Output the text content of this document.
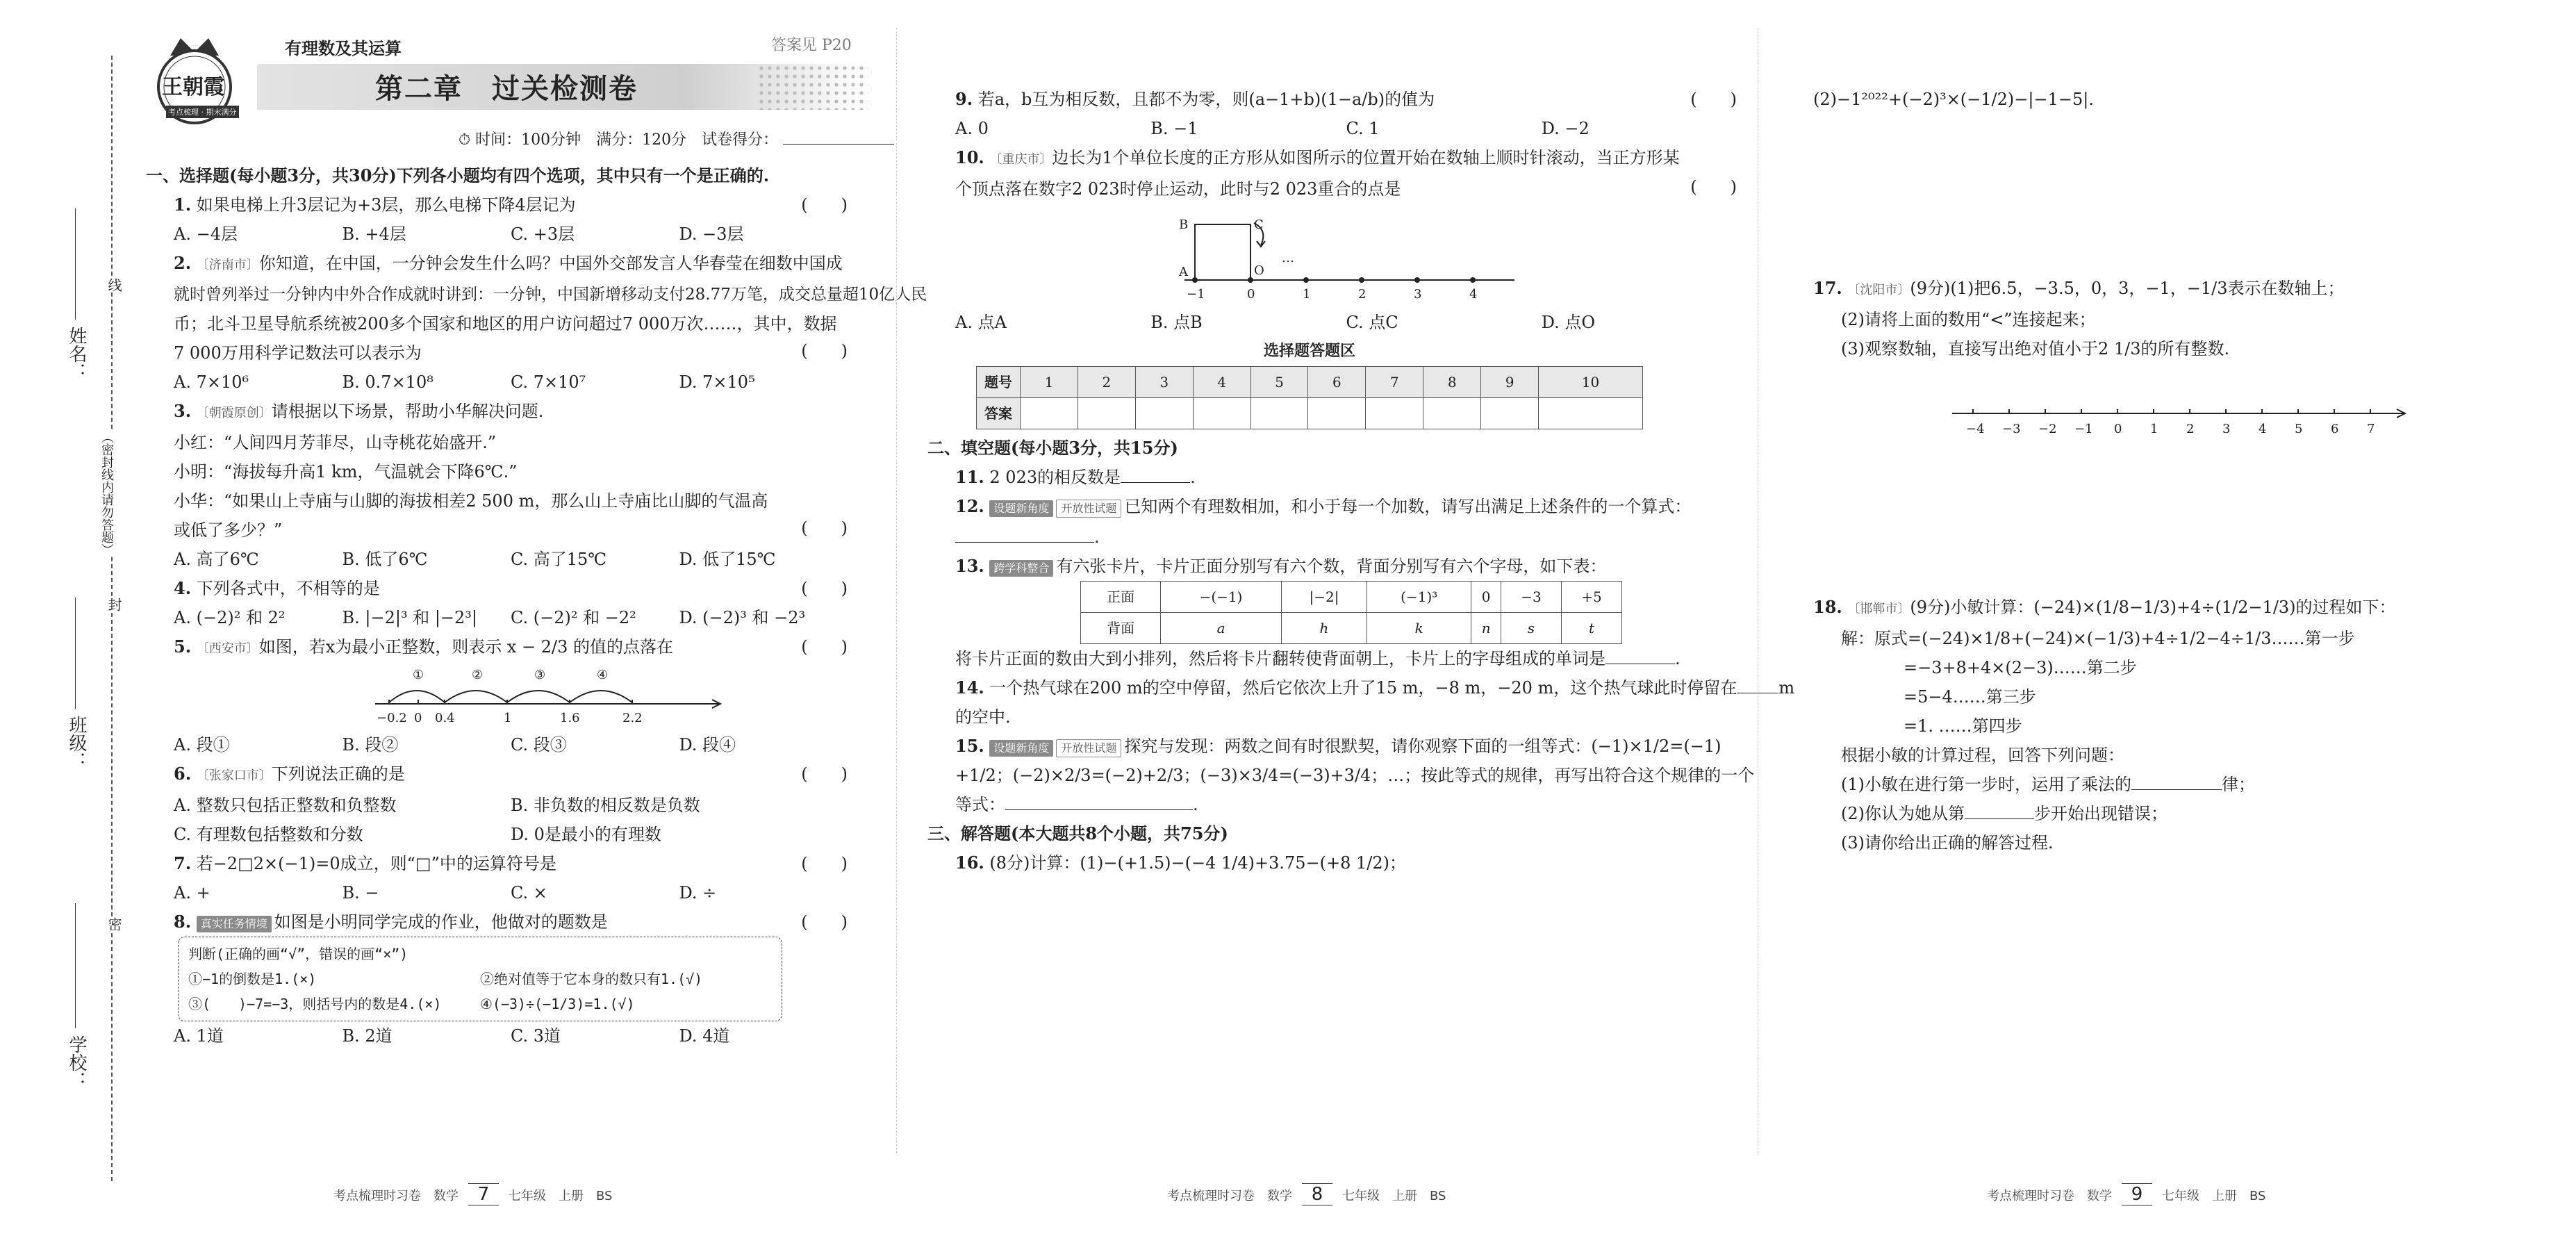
姓名：
班级：
学校：
线
（密封线内请勿答题）
封
密
王朝霞
考点梳理 · 期末满分
有理数及其运算
第二章　过关检测卷
答案见 P20
⏱ 时间：100分钟　满分：120分　试卷得分：

一、选择题(每小题3分，共30分)下列各小题均有四个选项，其中只有一个是正确的.

1. 如果电梯上升3层记为+3层，那么电梯下降4层记为	(　　)
A. −4层	B. +4层	C. +3层	D. −3层

2. 〔济南市〕你知道，在中国，一分钟会发生什么吗？中国外交部发言人华春莹在细数中国成

就时曾列举过一分钟内中外合作成就时讲到：一分钟，中国新增移动支付28.77万笔，成交总量超10亿人民

币；北斗卫星导航系统被200多个国家和地区的用户访问超过7 000万次……，其中，数据

7 000万用科学记数法可以表示为	(　　)
A. 7×10⁶	B. 0.7×10⁸	C. 7×10⁷	D. 7×10⁵

3. 〔朝霞原创〕请根据以下场景，帮助小华解决问题.

小红：“人间四月芳菲尽，山寺桃花始盛开.”

小明：“海拔每升高1 km，气温就会下降6℃.”

小华：“如果山上寺庙与山脚的海拔相差2 500 m，那么山上寺庙比山脚的气温高

或低了多少？”	(　　)
A. 高了6℃	B. 低了6℃	C. 高了15℃	D. 低了15℃

4. 下列各式中，不相等的是	(　　)
A. (−2)² 和 2²	B. |−2|³ 和 |−2³|	C. (−2)² 和 −2²	D. (−2)³ 和 −2³

5. 〔西安市〕如图，若x为最小正整数，则表示 x − 2/3 的值的点落在	(　　)
①	②	③	④
−0.2 0 0.4	1	1.6	2.2
A. 段①	B. 段②	C. 段③	D. 段④

6. 〔张家口市〕下列说法正确的是	(　　)
A. 整数只包括正整数和负整数	B. 非负数的相反数是负数
C. 有理数包括整数和分数	D. 0是最小的有理数

7. 若−2□2×(−1)=0成立，则“□”中的运算符号是	(　　)
A. +	B. −	C. ×	D. ÷

8. 真实任务情境 如图是小明同学完成的作业，他做对的题数是	(　　)
判断(正确的画“√”，错误的画“×”)
①−1的倒数是1.(×)	②绝对值等于它本身的数只有1.(√)
③(　　)−7=−3，则括号内的数是4.(×)	④(−3)÷(−1/3)=1.(√)
A. 1道	B. 2道	C. 3道	D. 4道

9. 若a，b互为相反数，且都不为零，则(a−1+b)(1−a/b)的值为	(　　)
A. 0	B. −1	C. 1	D. −2

10. 〔重庆市〕边长为1个单位长度的正方形从如图所示的位置开始在数轴上顺时针滚动，当正方形某

个顶点落在数字2 023时停止运动，此时与2 023重合的点是	(　　)
A
B	C
O
…
−1	0	1	2	3	4
A. 点A	B. 点B	C. 点C	D. 点O
选择题答题区
题号	1	2	3	4	5	6	7	8	9	10
答案										

二、填空题(每小题3分，共15分)

11. 2 023的相反数是	.

12. 设题新角度 开放性试题 已知两个有理数相加，和小于每一个加数，请写出满足上述条件的一个算式：

.

13. 跨学科整合 有六张卡片，卡片正面分别写有六个数，背面分别写有六个字母，如下表：

正面	−(−1)	|−2|	(−1)³	0	−3	+5
背面	a	h	k	n	s	t

将卡片正面的数由大到小排列，然后将卡片翻转使背面朝上，卡片上的字母组成的单词是	.

14. 一个热气球在200 m的空中停留，然后它依次上升了15 m，−8 m，−20 m，这个热气球此时停留在	m

的空中.

15. 设题新角度 开放性试题 探究与发现：两数之间有时很默契，请你观察下面的一组等式：(−1)×1/2=(−1)

+1/2；(−2)×2/3=(−2)+2/3；(−3)×3/4=(−3)+3/4；…；按此等式的规律，再写出符合这个规律的一个

等式：	.

三、解答题(本大题共8个小题，共75分)

16. (8分)计算：(1)−(+1.5)−(−4 1/4)+3.75−(+8 1/2)；

(2)−1²⁰²²+(−2)³×(−1/2)−|−1−5|.

17. 〔沈阳市〕(9分)(1)把6.5，−3.5，0，3，−1，−1/3表示在数轴上；

(2)请将上面的数用“<”连接起来；

(3)观察数轴，直接写出绝对值小于2 1/3的所有整数.

−4 −3 −2 −1 0 1 2 3 4 5 6 7

18. 〔邯郸市〕(9分)小敏计算：(−24)×(1/8−1/3)+4÷(1/2−1/3)的过程如下：

解：原式=(−24)×1/8+(−24)×(−1/3)+4÷1/2−4÷1/3……第一步

=−3+8+4×(2−3)……第二步

=5−4……第三步

=1. ……第四步

根据小敏的计算过程，回答下列问题：

(1)小敏在进行第一步时，运用了乘法的	律；

(2)你认为她从第	步开始出现错误；

(3)请你给出正确的解答过程.

考点梳理时习卷　数学 7 七年级　上册　BS	考点梳理时习卷　数学 8 七年级　上册　BS	考点梳理时习卷　数学 9 七年级　上册　BS
